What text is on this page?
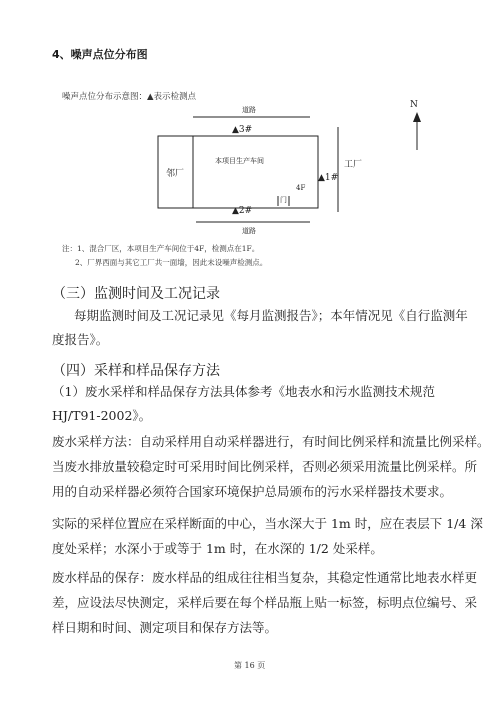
4、噪声点位分布图
噪声点位分布示意图：▲表示检测点
道路
▲3#
邻厂
本项目生产车间
4F
门
▲1#
工厂
▲2#
道路
N
注：1、混合厂区，本项目生产车间位于4F，检测点在1F。
2、厂界西面与其它工厂共一面墙，因此未设噪声检测点。
（三）监测时间及工况记录
每期监测时间及工况记录见《每月监测报告》；本年情况见《自行监测年
度报告》。
（四）采样和样品保存方法
（1）废水采样和样品保存方法具体参考《地表水和污水监测技术规范
HJ/T91-2002》。
废水采样方法：自动采样用自动采样器进行，有时间比例采样和流量比例采样。
当废水排放量较稳定时可采用时间比例采样，否则必须采用流量比例采样。所
用的自动采样器必须符合国家环境保护总局颁布的污水采样器技术要求。
实际的采样位置应在采样断面的中心，当水深大于 1m 时，应在表层下 1/4 深
度处采样；水深小于或等于 1m 时，在水深的 1/2 处采样。
废水样品的保存：废水样品的组成往往相当复杂，其稳定性通常比地表水样更
差，应设法尽快测定，采样后要在每个样品瓶上贴一标签，标明点位编号、采
样日期和时间、测定项目和保存方法等。
第 16 页
